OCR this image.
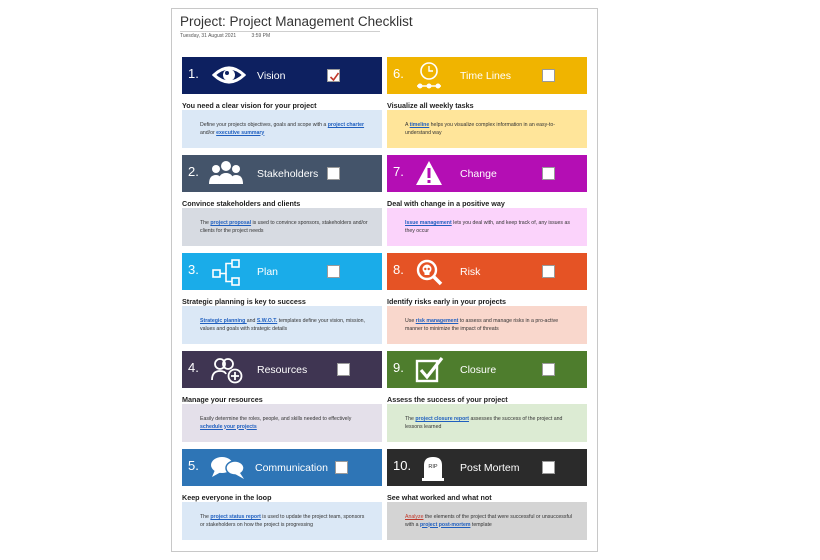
Project: Project Management Checklist
Tuesday, 31 August 2021	3:59 PM
1.	Vision
You need a clear vision for your project
Define your projects objectives, goals and scope with a project charter and/or executive summary
2.	Stakeholders
Convince stakeholders and clients
The project proposal is used to convince sponsors, stakeholders and/or clients for the project needs
3.	Plan
Strategic planning is key to success
Strategic planning and S.W.O.T. templates define your vision, mission, values and goals with strategic details
4.	Resources
Manage your resources
Easily determine the roles, people, and skills needed to effectively schedule your projects
5.	Communication
Keep everyone in the loop
The project status report is used to update the project team, sponsors or stakeholders on how the project is progressing
6.	Time Lines
Visualize all weekly tasks
A timeline helps you visualize complex information in an easy-to-understand way
7.	Change
Deal with change in a positive way
Issue management lets you deal with, and keep track of, any issues as they occur
8.	Risk
Identify risks early in your projects
Use risk management to assess and manage risks in a pro-active manner to minimize the impact of threats
9.	Closure
Assess the success of your project
The project closure report assesses the success of the project and lessons learned
10.	RIP Post Mortem
See what worked and what not
Analyze the elements of the project that were successful or unsuccessful with a project post-mortem template
